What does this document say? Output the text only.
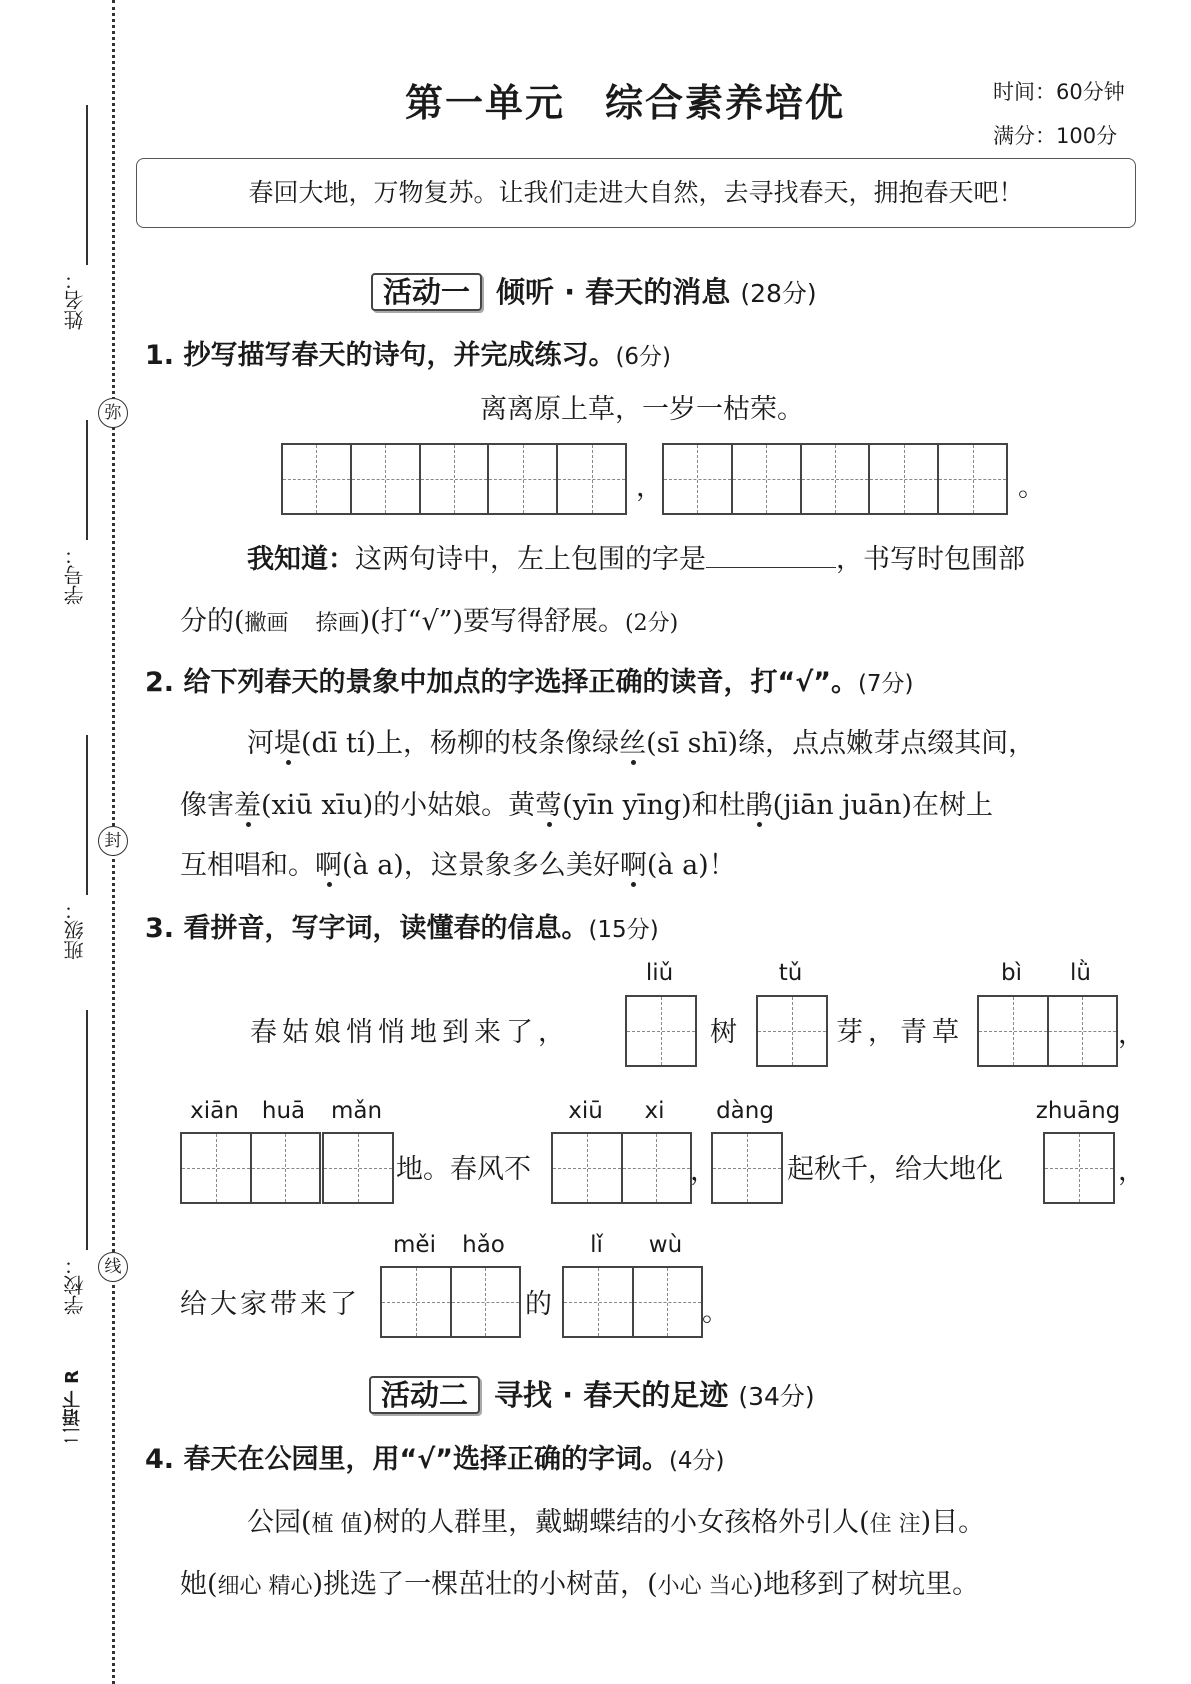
姓名：
学号：
班级：
学校：
弥
封
线
二语下 R
第一单元　综合素养培优	时间：60分钟
满分：100分
春回大地，万物复苏。让我们走进大自然，去寻找春天，拥抱春天吧！
活动一 倾听 · 春天的消息 (28分)
1. 抄写描写春天的诗句，并完成练习。(6分)
离离原上草，一岁一枯荣。
，	。
我知道：这两句诗中，左上包围的字是	，书写时包围部
分的(撇画　 捺画)(打“√”)要写得舒展。(2分)
2. 给下列春天的景象中加点的字选择正确的读音，打“√”。(7分)
河堤(dī tí)上，杨柳的枝条像绿丝(sī shī)绦，点点嫩芽点缀其间，
像害羞(xiū xīu)的小姑娘。黄莺(yīn yīng)和杜鹃(jiān juān)在树上
互相唱和。啊(à a)，这景象多么美好啊(à a)！
3. 看拼音，写字词，读懂春的信息。(15分)
liǔ	tǔ	bì	lǜ
春姑娘悄悄地到来了，	树	芽，青草	，
xiān	huā	mǎn	xiū	xi	dàng	zhuāng
地。春风不	，	起秋千，给大地化	，
měi	hǎo	lǐ	wù
给大家带来了	的	。
活动二 寻找 · 春天的足迹 (34分)
4. 春天在公园里，用“√”选择正确的字词。(4分)
公园(植 值)树的人群里，戴蝴蝶结的小女孩格外引人(住 注)目。
她(细心 精心)挑选了一棵茁壮的小树苗，(小心 当心)地移到了树坑里。
